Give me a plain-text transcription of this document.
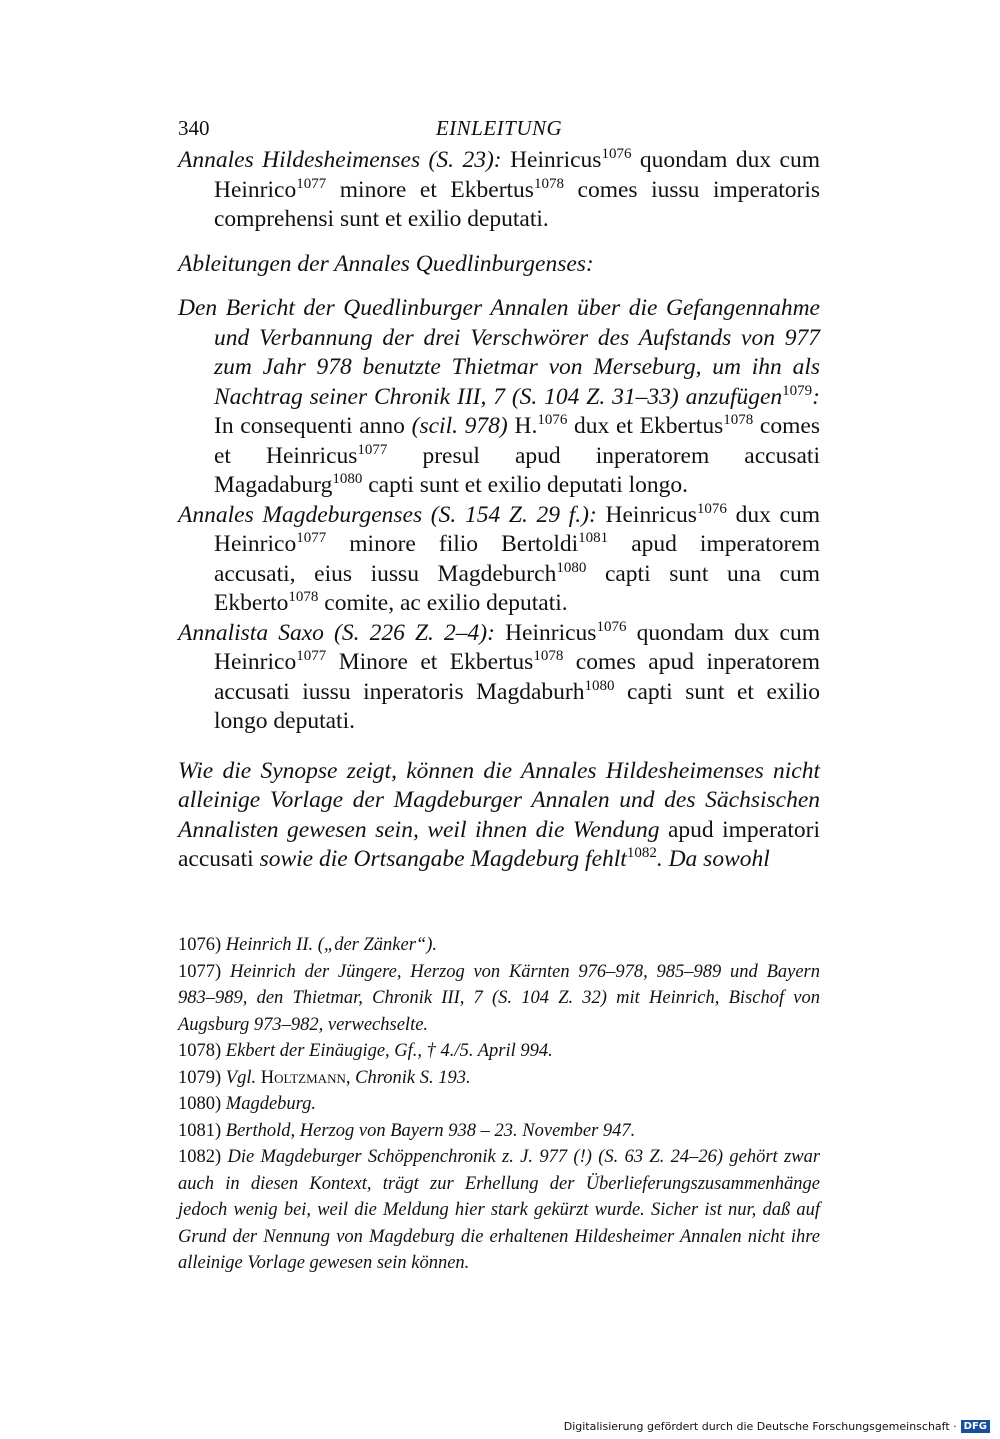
340	EINLEITUNG

Annales Hildesheimenses (S. 23): Heinricus$^{1076}$ quondam dux cum Heinrico$^{1077}$ minore et Ekbertus$^{1078}$ comes iussu imperatoris comprehensi sunt et exilio deputati.

Ableitungen der Annales Quedlinburgenses:

Den Bericht der Quedlinburger Annalen über die Gefangennahme und Verbannung der drei Verschwörer des Aufstands von 977 zum Jahr 978 benutzte Thietmar von Merseburg, um ihn als Nachtrag seiner Chronik III, 7 (S. 104 Z. 31–33) anzufügen$^{1079}$: In consequenti anno (scil. 978) H.$^{1076}$ dux et Ekbertus$^{1078}$ comes et Heinricus$^{1077}$ presul apud inperatorem accusati Magadaburg$^{1080}$ capti sunt et exilio deputati longo.

Annales Magdeburgenses (S. 154 Z. 29 f.): Heinricus$^{1076}$ dux cum Heinrico$^{1077}$ minore filio Bertoldi$^{1081}$ apud imperatorem accusati, eius iussu Magdeburch$^{1080}$ capti sunt una cum Ekberto$^{1078}$ comite, ac exilio deputati.

Annalista Saxo (S. 226 Z. 2–4): Heinricus$^{1076}$ quondam dux cum Heinrico$^{1077}$ Minore et Ekbertus$^{1078}$ comes apud inperatorem accusati iussu inperatoris Magdaburh$^{1080}$ capti sunt et exilio longo deputati.

Wie die Synopse zeigt, können die Annales Hildesheimenses nicht alleinige Vorlage der Magdeburger Annalen und des Sächsischen Annalisten gewesen sein, weil ihnen die Wendung apud imperatori accusati sowie die Ortsangabe Magdeburg fehlt$^{1082}$. Da sowohl

1076) Heinrich II. („der Zänker“).

1077) Heinrich der Jüngere, Herzog von Kärnten 976–978, 985–989 und Bayern 983–989, den Thietmar, Chronik III, 7 (S. 104 Z. 32) mit Heinrich, Bischof von Augsburg 973–982, verwechselte.

1078) Ekbert der Einäugige, Gf., † 4./5. April 994.

1079) Vgl. Holtzmann, Chronik S. 193.

1080) Magdeburg.

1081) Berthold, Herzog von Bayern 938 – 23. November 947.

1082) Die Magdeburger Schöppenchronik z. J. 977 (!) (S. 63 Z. 24–26) gehört zwar auch in diesen Kontext, trägt zur Erhellung der Überlieferungszusammenhänge jedoch wenig bei, weil die Meldung hier stark gekürzt wurde. Sicher ist nur, daß auf Grund der Nennung von Magdeburg die erhaltenen Hildesheimer Annalen nicht ihre alleinige Vorlage gewesen sein können.

Digitalisierung gefördert durch die Deutsche Forschungsgemeinschaft · DFG
